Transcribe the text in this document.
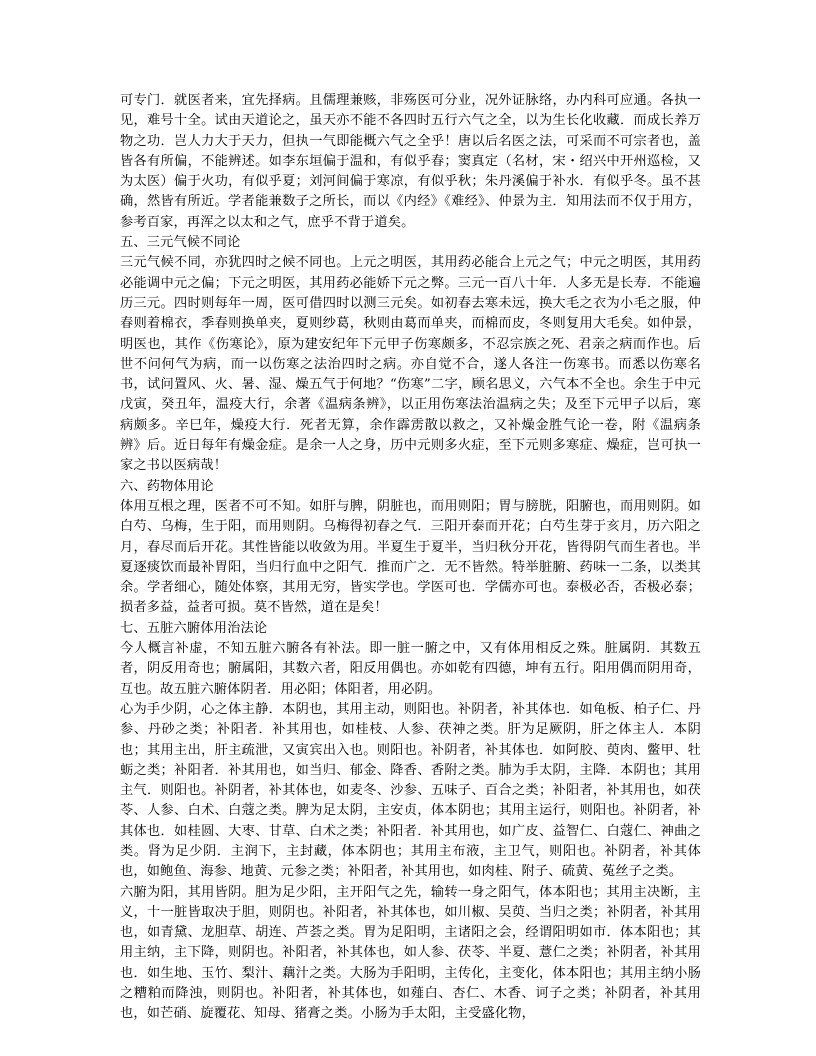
可专门．就医者来，宜先择病。且儒理兼赅，非殇医可分业，况外证脉络，办内科可应通。各执一见，难号十全。试由天道论之，虽天亦不能不各四时五行六气之全，以为生长化收藏．而成长养万物之功．岂人力大于天力，但执一气即能概六气之全乎！唐以后名医之法，可采而不可宗者也，盖皆各有所偏，不能辨述。如李东垣偏于温和，有似乎春；窦真定（名材，宋・绍兴中开州巡检，又为太医）偏于火功，有似乎夏；刘河间偏于寒凉，有似乎秋；朱丹溪偏于补水．有似乎冬。虽不甚确，然皆有所近。学者能兼数子之所长，而以《内经》《难经》、仲景为主．知用法而不仅于用方，参考百家，再浑之以太和之气，庶乎不背于道矣。

五、三元气候不同论

三元气候不同，亦犹四时之候不同也。上元之明医，其用药必能合上元之气；中元之明医，其用药必能调中元之偏；下元之明医，其用药必能娇下元之弊。三元一百八十年．人多无是长寿．不能遍历三元。四时则每年一周，医可借四时以测三元矣。如初春去寒未远，换大毛之衣为小毛之服，仲春则着棉衣，季春则换单夹，夏则纱葛，秋则由葛而单夹，而棉而皮，冬则复用大毛矣。如仲景，明医也，其作《伤寒论》，原为建安纪年下元甲子伤寒颇多，不忍宗族之死、君亲之病而作也。后世不问何气为病，而一以伤寒之法治四时之病。亦自觉不合，遂人各注一伤寒书。而悉以伤寒名书，试问置风、火、暑、湿、燥五气于何地？“伤寒”二字，顾名思义，六气本不全也。余生于中元戊寅，癸丑年，温疫大行，余著《温病条辨》，以正用伤寒法治温病之失；及至下元甲子以后，寒病颇多。辛巳年，燥疫大行．死者无算，余作霹雳散以救之，又补燥金胜气论一卷，附《温病条辨》后。近日每年有燥金症。是余一人之身，历中元则多火症，至下元则多寒症、燥症，岂可执一家之书以医病哉！

六、药物体用论

体用互根之理，医者不可不知。如肝与脾，阴脏也，而用则阳；胃与膀胱，阳腑也，而用则阴。如白芍、乌梅，生于阳，而用则阴。乌梅得初春之气．三阳开泰而开花；白芍生芽于亥月，历六阳之月，春尽而后开花。其性皆能以收敛为用。半夏生于夏半，当归秋分开花，皆得阴气而生者也。半夏逐痰饮而最补胃阳，当归行血中之阳气．推而广之．无不皆然。特举脏腑、药味一二条，以类其余。学者细心，随处体察，其用无穷，皆实学也。学医可也．学儒亦可也。泰极必否，否极必泰；损者多益，益者可损。莫不皆然，道在是矣！

七、五脏六腑体用治法论

今人概言补虚，不知五脏六腑各有补法。即一脏一腑之中，又有体用相反之殊。脏属阴．其数五者，阴反用奇也；腑属阳，其数六者，阳反用偶也。亦如乾有四德，坤有五行。阳用偶而阴用奇，互也。故五脏六腑体阴者．用必阳；体阳者，用必阴。

心为手少阴，心之体主静．本阴也，其用主动，则阳也。补阴者，补其体也．如龟板、柏子仁、丹参、丹砂之类；补阳者．补其用也，如桂枝、人参、茯神之类。肝为足厥阴，肝之体主人．本阴也；其用主出，肝主疏泄，又寅宾出入也。则阳也。补阴者，补其体也．如阿胶、萸肉、鳖甲、牡蛎之类；补阳者．补其用也，如当归、郁金、降香、香附之类。肺为手太阴，主降．本阴也；其用主气．则阳也。补阴者，补其体也，如麦冬、沙参、五味子、百合之类；补阳者，补其用也，如茯苓、人参、白术、白蔻之类。脾为足太阴，主安贞，体本阴也；其用主运行，则阳也。补阴者，补其体也．如桂圆、大枣、甘草、白术之类；补阳者．补其用也，如广皮、益智仁、白蔻仁、神曲之类。肾为足少阴．主润下，主封藏，体本阴也；其用主布液，主卫气，则阳也。补阴者，补其体也，如鲍鱼、海参、地黄、元参之类；补阳者，补其用也，如肉桂、附子、硫黄、菟丝子之类。

六腑为阳，其用皆阴。胆为足少阳，主开阳气之先，输转一身之阳气，体本阳也；其用主决断，主义，十一脏皆取决于胆，则阴也。补阳者，补其体也，如川椒、吴萸、当归之类；补阴者，补其用也，如青黛、龙胆草、胡连、芦荟之类。胃为足阳明，主诸阳之会，经谓阳明如市．体本阳也；其用主纳，主下降，则阴也。补阳者，补其体也，如人参、茯苓、半夏、薏仁之类；补阴者，补其用也．如生地、玉竹、梨汁、藕汁之类。大肠为手阳明，主传化，主变化，体本阳也；其用主纳小肠之糟粕而降浊，则阴也。补阳者，补其体也，如薤白、杏仁、木香、诃子之类；补阴者，补其用也，如芒硝、旋覆花、知母、猪膏之类。小肠为手太阳，主受盛化物，
